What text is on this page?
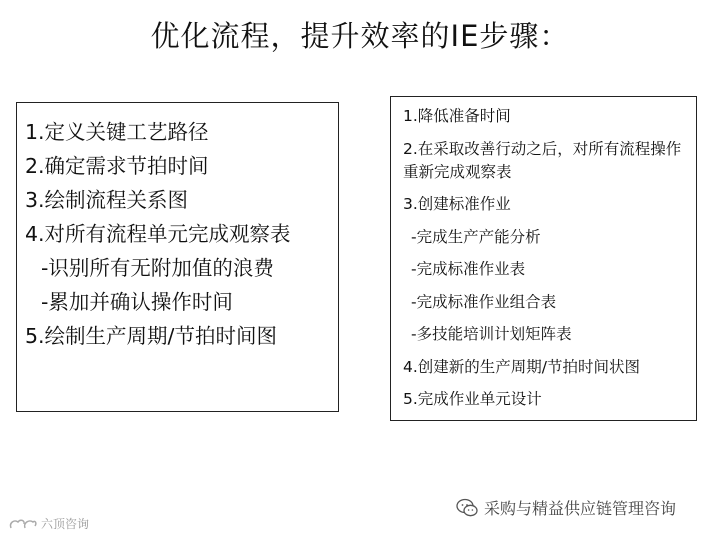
优化流程，提升效率的IE步骤：
1.定义关键工艺路径
2.确定需求节拍时间
3.绘制流程关系图
4.对所有流程单元完成观察表
-识别所有无附加值的浪费
-累加并确认操作时间
5.绘制生产周期/节拍时间图
1.降低准备时间
2.在采取改善行动之后，对所有流程操作重新完成观察表
3.创建标准作业
-完成生产产能分析
-完成标准作业表
-完成标准作业组合表
-多技能培训计划矩阵表
4.创建新的生产周期/节拍时间状图
5.完成作业单元设计
采购与精益供应链管理咨询
六顶咨询
